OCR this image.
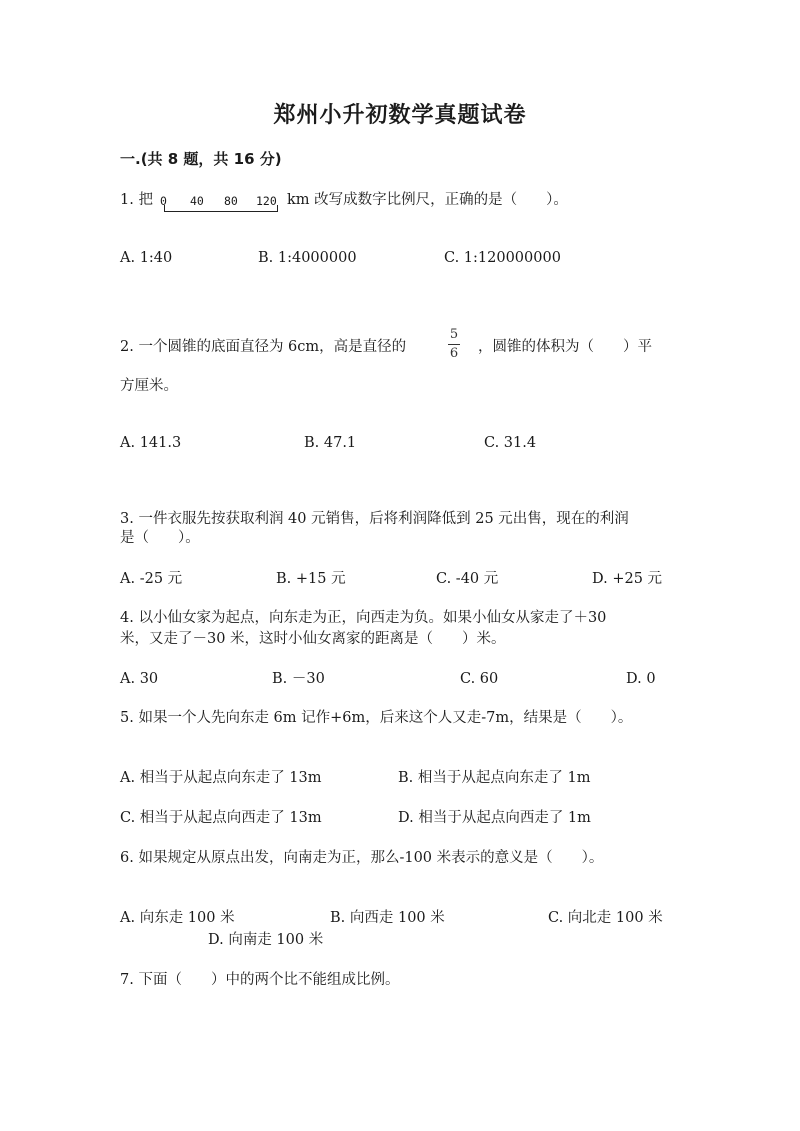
郑州小升初数学真题试卷
一.(共 8 题，共 16 分)
1. 把 0 40 80 120 km 改写成数字比例尺，正确的是（　　）。
A. 1:40	B. 1:4000000	C. 1:120000000
2. 一个圆锥的底面直径为 6cm，高是直径的
5
6 ，圆锥的体积为（　　）平
方厘米。
A. 141.3	B. 47.1	C. 31.4
3. 一件衣服先按获取利润 40 元销售，后将利润降低到 25 元出售，现在的利润
是（　　）。
A. -25 元	B. +15 元	C. -40 元	D. +25 元
4. 以小仙女家为起点，向东走为正，向西走为负。如果小仙女从家走了＋30
米，又走了－30 米，这时小仙女离家的距离是（　　）米。
A. 30	B. －30	C. 60	D. 0
5. 如果一个人先向东走 6m 记作+6m，后来这个人又走-7m，结果是（　　）。
A. 相当于从起点向东走了 13m	B. 相当于从起点向东走了 1m
C. 相当于从起点向西走了 13m	D. 相当于从起点向西走了 1m
6. 如果规定从原点出发，向南走为正，那么-100 米表示的意义是（　　）。
A. 向东走 100 米	B. 向西走 100 米	C. 向北走 100 米
D. 向南走 100 米
7. 下面（　　）中的两个比不能组成比例。
